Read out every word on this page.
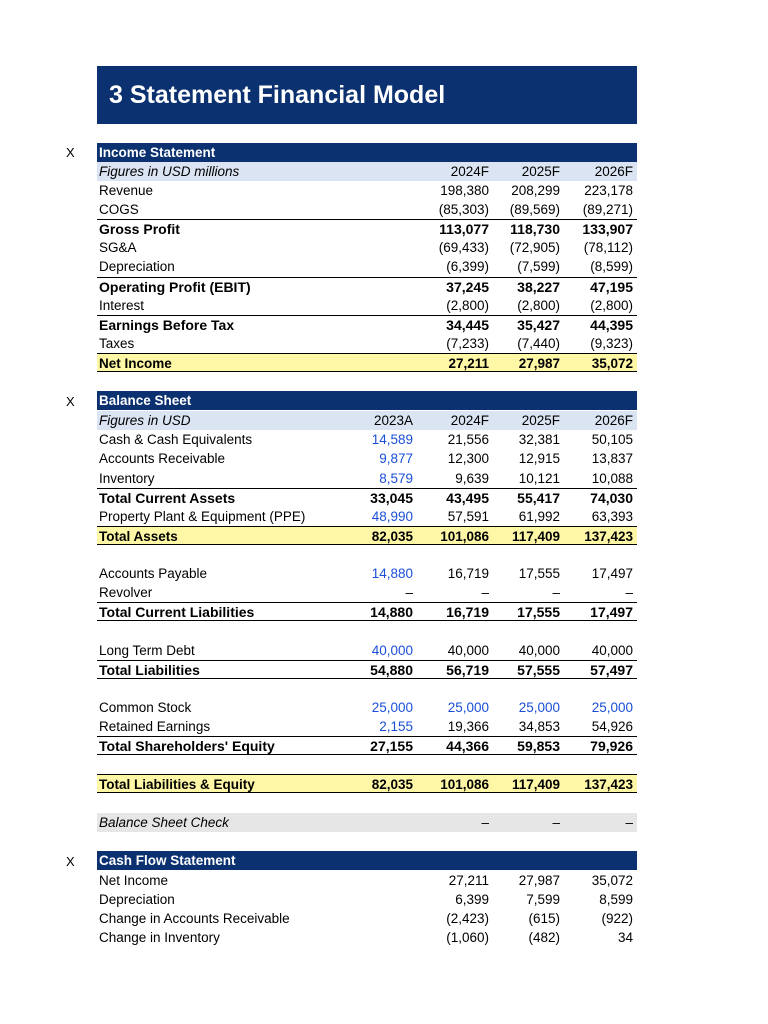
3 Statement Financial Model
X Income Statement
Figures in USD millions	2024F 2025F	2026F
Revenue	198,380 208,299 223,178
COGS	(85,303) (89,569) (89,271)
Gross Profit	113,077 118,730 133,907
SG&A	(69,433) (72,905) (78,112)
Depreciation	(6,399) (7,599) (8,599)
Operating Profit (EBIT)	37,245 38,227 47,195
Interest	(2,800) (2,800) (2,800)
Earnings Before Tax	34,445 35,427 44,395
Taxes	(7,233) (7,440) (9,323)
Net Income	27,211 27,987 35,072
X Balance Sheet
Figures in USD	2023A	2024F 2025F	2026F
Cash & Cash Equivalents	14,589	21,556 32,381 50,105
Accounts Receivable	9,877	12,300 12,915 13,837
Inventory	8,579	9,639 10,121 10,088
Total Current Assets	33,045 43,495 55,417 74,030
Property Plant & Equipment (PPE)	48,990	57,591 61,992 63,393
Total Assets	82,035 101,086 117,409 137,423
Accounts Payable	14,880	16,719 17,555 17,497
Revolver	–	–	–	–
Total Current Liabilities	14,880 16,719 17,555 17,497
Long Term Debt	40,000	40,000 40,000 40,000
Total Liabilities	54,880 56,719 57,555 57,497
Common Stock	25,000	25,000 25,000 25,000
Retained Earnings	2,155	19,366 34,853 54,926
Total Shareholders' Equity	27,155 44,366 59,853 79,926
Total Liabilities & Equity	82,035 101,086 117,409 137,423
Balance Sheet Check	–	–	–
X Cash Flow Statement
Net Income	27,211 27,987 35,072
Depreciation	6,399	7,599	8,599
Change in Accounts Receivable	(2,423)	(615)	(922)
Change in Inventory	(1,060)	(482)	34
